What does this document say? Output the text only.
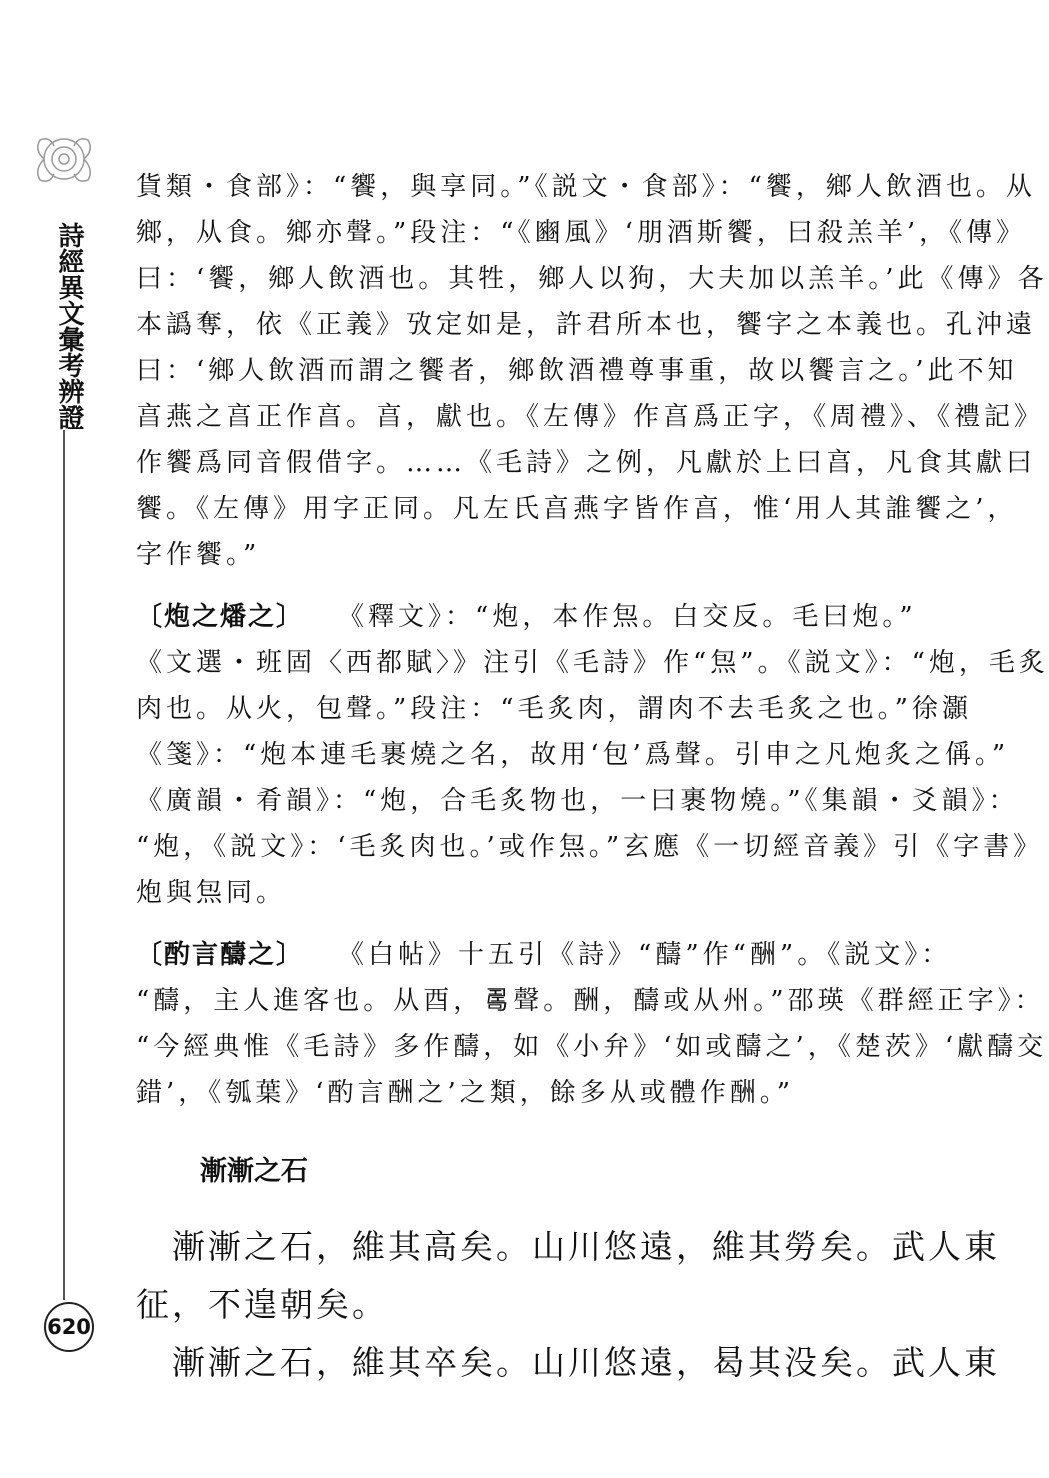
詩經異文彙考辨證
620

貨類・食部》：“饗，與享同。”《説文・食部》：“饗，鄉人飲酒也。从

鄉，从食。鄉亦聲。”段注：“《豳風》‘朋酒斯饗，曰殺羔羊’，《傳》

曰：‘饗，鄉人飲酒也。其牲，鄉人以狗，大夫加以羔羊。’此《傳》各

本譌奪，依《正義》攷定如是，許君所本也，饗字之本義也。孔沖遠

曰：‘鄉人飲酒而謂之饗者，鄉飲酒禮尊事重，故以饗言之。’此不知

亯燕之亯正作亯。亯，獻也。《左傳》作亯爲正字，《周禮》、《禮記》

作饗爲同音假借字。……《毛詩》之例，凡獻於上曰亯，凡食其獻曰

饗。《左傳》用字正同。凡左氏亯燕字皆作亯，惟‘用人其誰饗之’，

字作饗。”

〔炮之燔之〕　　 《釋文》：“炮，本作炰。白交反。毛曰炮。”

《文選・班固〈西都賦〉》注引《毛詩》作“炰”。《説文》：“炮，毛炙

肉也。从火，包聲。”段注：“毛炙肉，謂肉不去毛炙之也。”徐灝

《箋》：“炮本連毛裹燒之名，故用‘包’爲聲。引申之凡炮炙之偁。”

《廣韻・肴韻》：“炮，合毛炙物也，一曰裹物燒。”《集韻・爻韻》：

“炮，《説文》：‘毛炙肉也。’或作炰。”玄應《一切經音義》引《字書》

炮與炰同。

〔酌言醻之〕　　 《白帖》十五引《詩》“醻”作“酬”。《説文》：

“醻，主人進客也。从酉，𠷎聲。酬，醻或从州。”邵瑛《群經正字》：

“今經典惟《毛詩》多作醻，如《小弁》‘如或醻之’，《楚茨》‘獻醻交

錯’，《瓠葉》‘酌言酬之’之類，餘多从或體作酬。”

漸漸之石

　漸漸之石，維其高矣。山川悠遠，維其勞矣。武人東

征，不遑朝矣。

　漸漸之石，維其卒矣。山川悠遠，曷其没矣。武人東
